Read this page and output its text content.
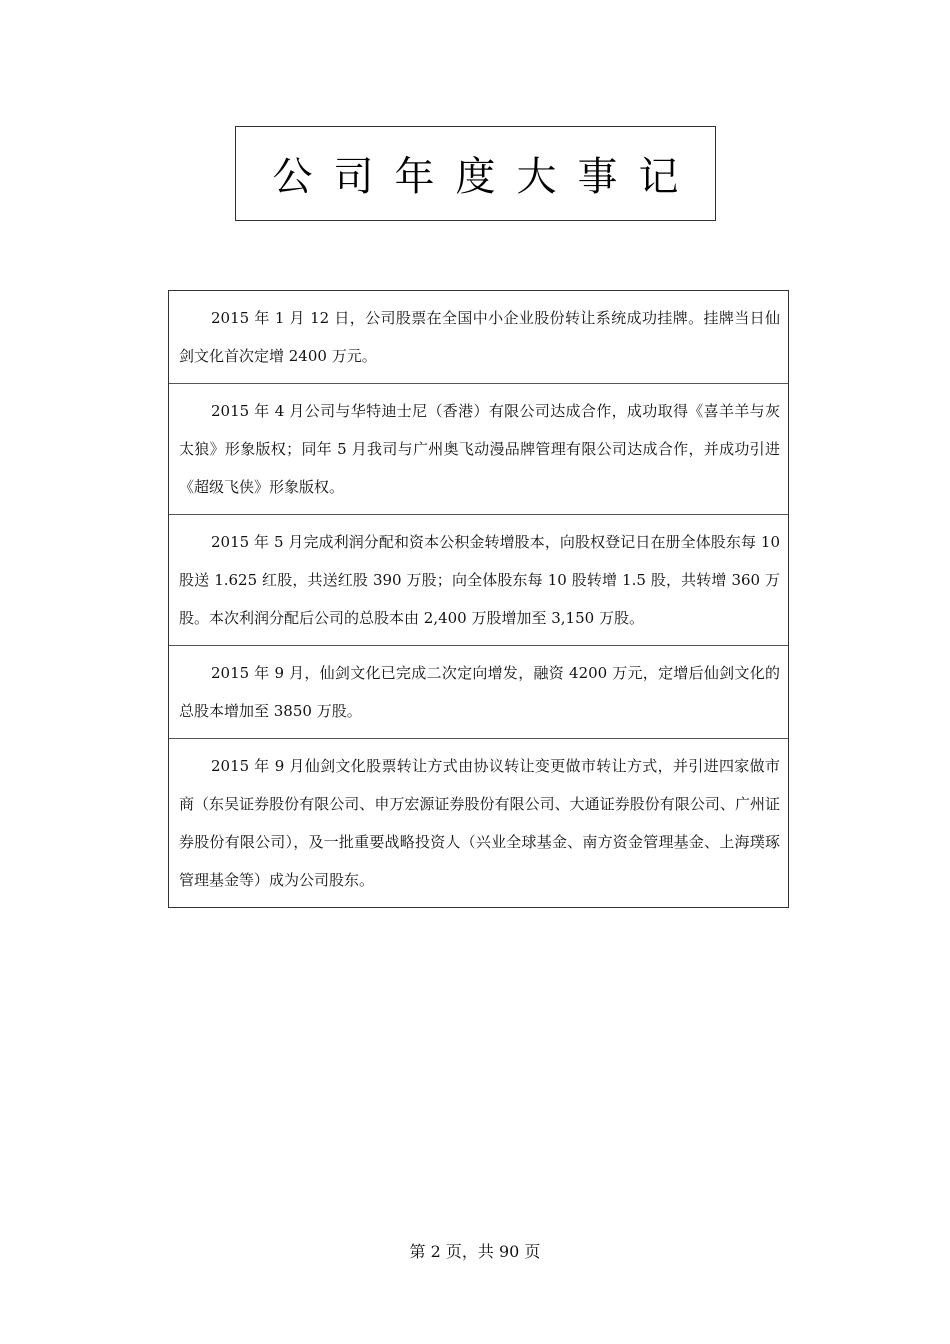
公司年度大事记

2015 年 1 月 12 日，公司股票在全国中小企业股份转让系统成功挂牌。挂牌当日仙剑文化首次定增 2400 万元。

2015 年 4 月公司与华特迪士尼（香港）有限公司达成合作，成功取得《喜羊羊与灰太狼》形象版权；同年 5 月我司与广州奥飞动漫品牌管理有限公司达成合作，并成功引进《超级飞侠》形象版权。

2015 年 5 月完成利润分配和资本公积金转增股本，向股权登记日在册全体股东每 10 股送 1.625 红股，共送红股 390 万股；向全体股东每 10 股转增 1.5 股，共转增 360 万股。本次利润分配后公司的总股本由 2,400 万股增加至 3,150 万股。

2015 年 9 月，仙剑文化已完成二次定向增发，融资 4200 万元，定增后仙剑文化的总股本增加至 3850 万股。

2015 年 9 月仙剑文化股票转让方式由协议转让变更做市转让方式，并引进四家做市商（东吴证券股份有限公司、申万宏源证券股份有限公司、大通证券股份有限公司、广州证券股份有限公司），及一批重要战略投资人（兴业全球基金、南方资金管理基金、上海璞琢管理基金等）成为公司股东。

第 2 页，共 90 页
